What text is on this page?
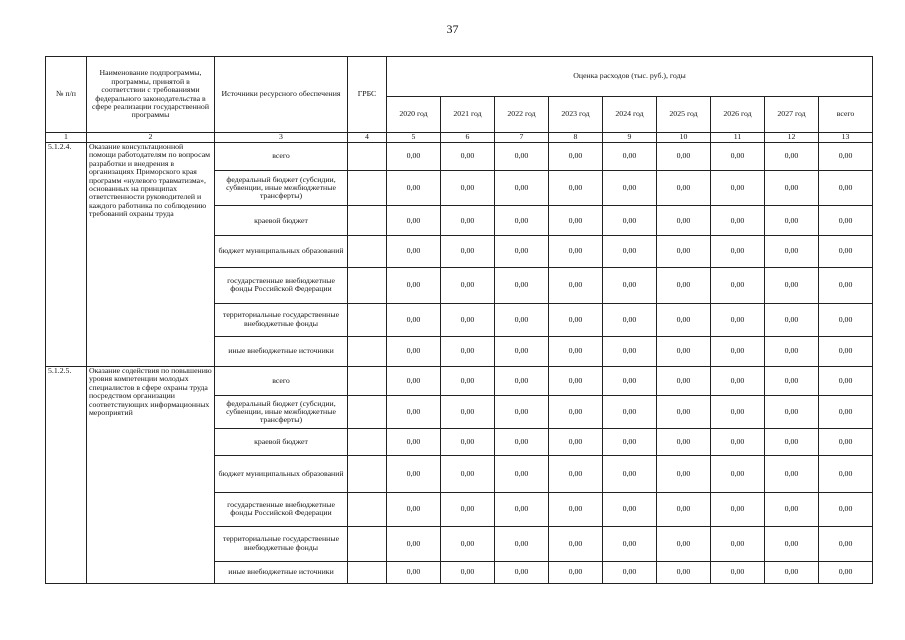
37
№ п/п	Наименование подпрограммы, программы, принятой в соответствии с требованиями федерального законодательства в сфере реализации государственной программы	Источники ресурсного обеспечения	ГРБС	Оценка расходов (тыс. руб.), годы								
				2020 год	2021 год	2022 год	2023 год	2024 год	2025 год	2026 год	2027 год	всего
1	2	3	4	5	6	7	8	9	10	11	12	13
5.1.2.4.	Оказание консультационной помощи работодателям по вопросам разработки и внедрения в организациях Приморского края программ «нулевого травматизма», основанных на принципах ответственности руководителей и каждого работника по соблюдению требований охраны труда	всего		0,00	0,00	0,00	0,00	0,00	0,00	0,00	0,00	0,00
		федеральный бюджет (субсидии, субвенции, иные межбюджетные трансферты)		0,00	0,00	0,00	0,00	0,00	0,00	0,00	0,00	0,00
		краевой бюджет		0,00	0,00	0,00	0,00	0,00	0,00	0,00	0,00	0,00
		бюджет муниципальных образований		0,00	0,00	0,00	0,00	0,00	0,00	0,00	0,00	0,00
		государственные внебюджетные фонды Российской Федерации		0,00	0,00	0,00	0,00	0,00	0,00	0,00	0,00	0,00
		территориальные государственные внебюджетные фонды		0,00	0,00	0,00	0,00	0,00	0,00	0,00	0,00	0,00
		иные внебюджетные источники		0,00	0,00	0,00	0,00	0,00	0,00	0,00	0,00	0,00
5.1.2.5.	Оказание содействия по повышению уровня компетенции молодых специалистов в сфере охраны труда посредством организации соответствующих информационных мероприятий	всего		0,00	0,00	0,00	0,00	0,00	0,00	0,00	0,00	0,00
		федеральный бюджет (субсидии, субвенции, иные межбюджетные трансферты)		0,00	0,00	0,00	0,00	0,00	0,00	0,00	0,00	0,00
		краевой бюджет		0,00	0,00	0,00	0,00	0,00	0,00	0,00	0,00	0,00
		бюджет муниципальных образований		0,00	0,00	0,00	0,00	0,00	0,00	0,00	0,00	0,00
		государственные внебюджетные фонды Российской Федерации		0,00	0,00	0,00	0,00	0,00	0,00	0,00	0,00	0,00
		территориальные государственные внебюджетные фонды		0,00	0,00	0,00	0,00	0,00	0,00	0,00	0,00	0,00
		иные внебюджетные источники		0,00	0,00	0,00	0,00	0,00	0,00	0,00	0,00	0,00
